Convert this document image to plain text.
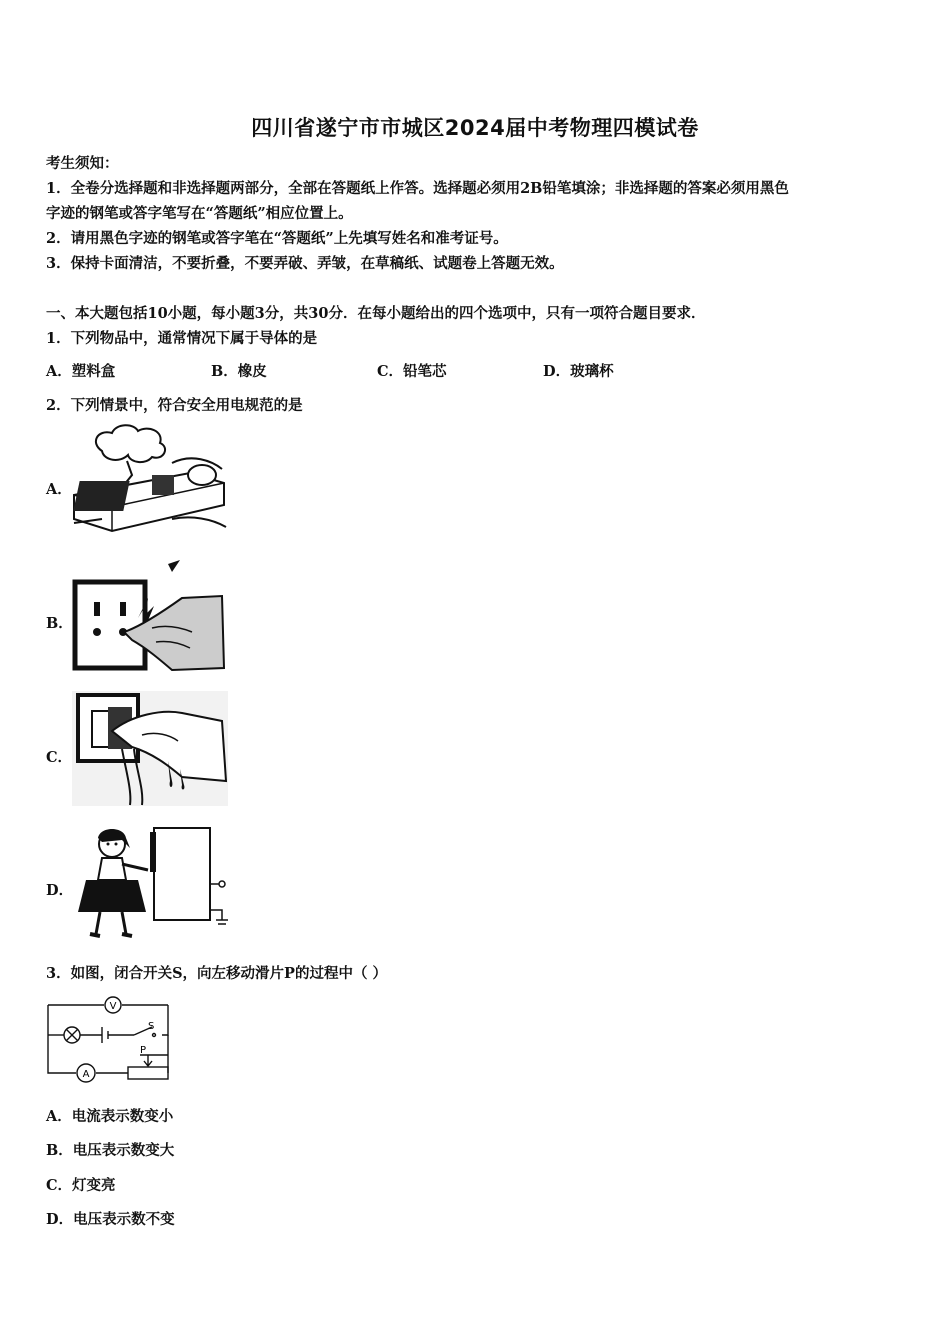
四川省遂宁市市城区2024届中考物理四模试卷
考生须知：
1．全卷分选择题和非选择题两部分，全部在答题纸上作答。选择题必须用2B铅笔填涂；非选择题的答案必须用黑色
字迹的钢笔或答字笔写在“答题纸”相应位置上。
2．请用黑色字迹的钢笔或答字笔在“答题纸”上先填写姓名和准考证号。
3．保持卡面清洁，不要折叠，不要弄破、弄皱，在草稿纸、试题卷上答题无效。
一、本大题包括10小题，每小题3分，共30分．在每小题给出的四个选项中，只有一项符合题目要求．
1．下列物品中，通常情况下属于导体的是
A．塑料盒	B．橡皮	C．铅笔芯	D．玻璃杯
2．下列情景中，符合安全用电规范的是
A．
B．
C．
D．
3．如图，闭合开关S，向左移动滑片P的过程中（ ）
V
A
S
P
A．电流表示数变小
B．电压表示数变大
C．灯变亮
D．电压表示数不变
